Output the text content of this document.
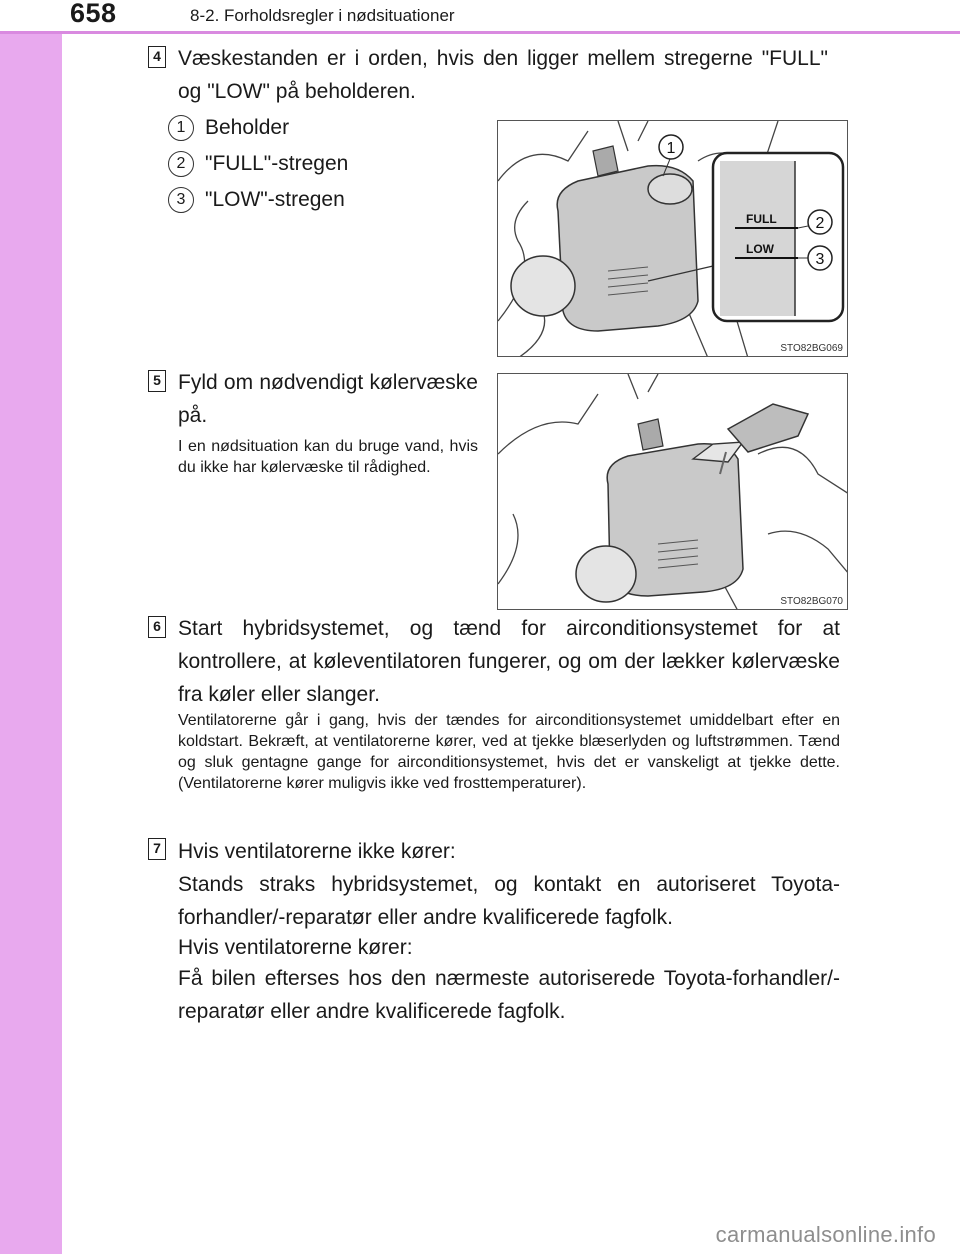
658	8-2. Forholdsregler i nødsituationer
4 Væskestanden er i orden, hvis den ligger mellem stregerne "FULL" og "LOW" på beholderen.
1 Beholder
2 "FULL"-stregen
3 "LOW"-stregen
FULL
LOW
1
2
3
STO82BG069
5 Fyld om nødvendigt kølervæske på.
I en nødsituation kan du bruge vand, hvis du ikke har kølervæske til rådighed.
STO82BG070
6 Start hybridsystemet, og tænd for airconditionsystemet for at kontrollere, at køleventilatoren fungerer, og om der lækker kølervæske fra køler eller slanger.
Ventilatorerne går i gang, hvis der tændes for airconditionsystemet umiddelbart efter en koldstart. Bekræft, at ventilatorerne kører, ved at tjekke blæserlyden og luftstrømmen. Tænd og sluk gentagne gange for airconditionsystemet, hvis det er vanskeligt at tjekke dette. (Ventilatorerne kører muligvis ikke ved frosttemperaturer).
7 Hvis ventilatorerne ikke kører:
Stands straks hybridsystemet, og kontakt en autoriseret Toyota-forhandler/-reparatør eller andre kvalificerede fagfolk.
Hvis ventilatorerne kører:
Få bilen efterses hos den nærmeste autoriserede Toyota-forhandler/-reparatør eller andre kvalificerede fagfolk.
carmanualsonline.info
